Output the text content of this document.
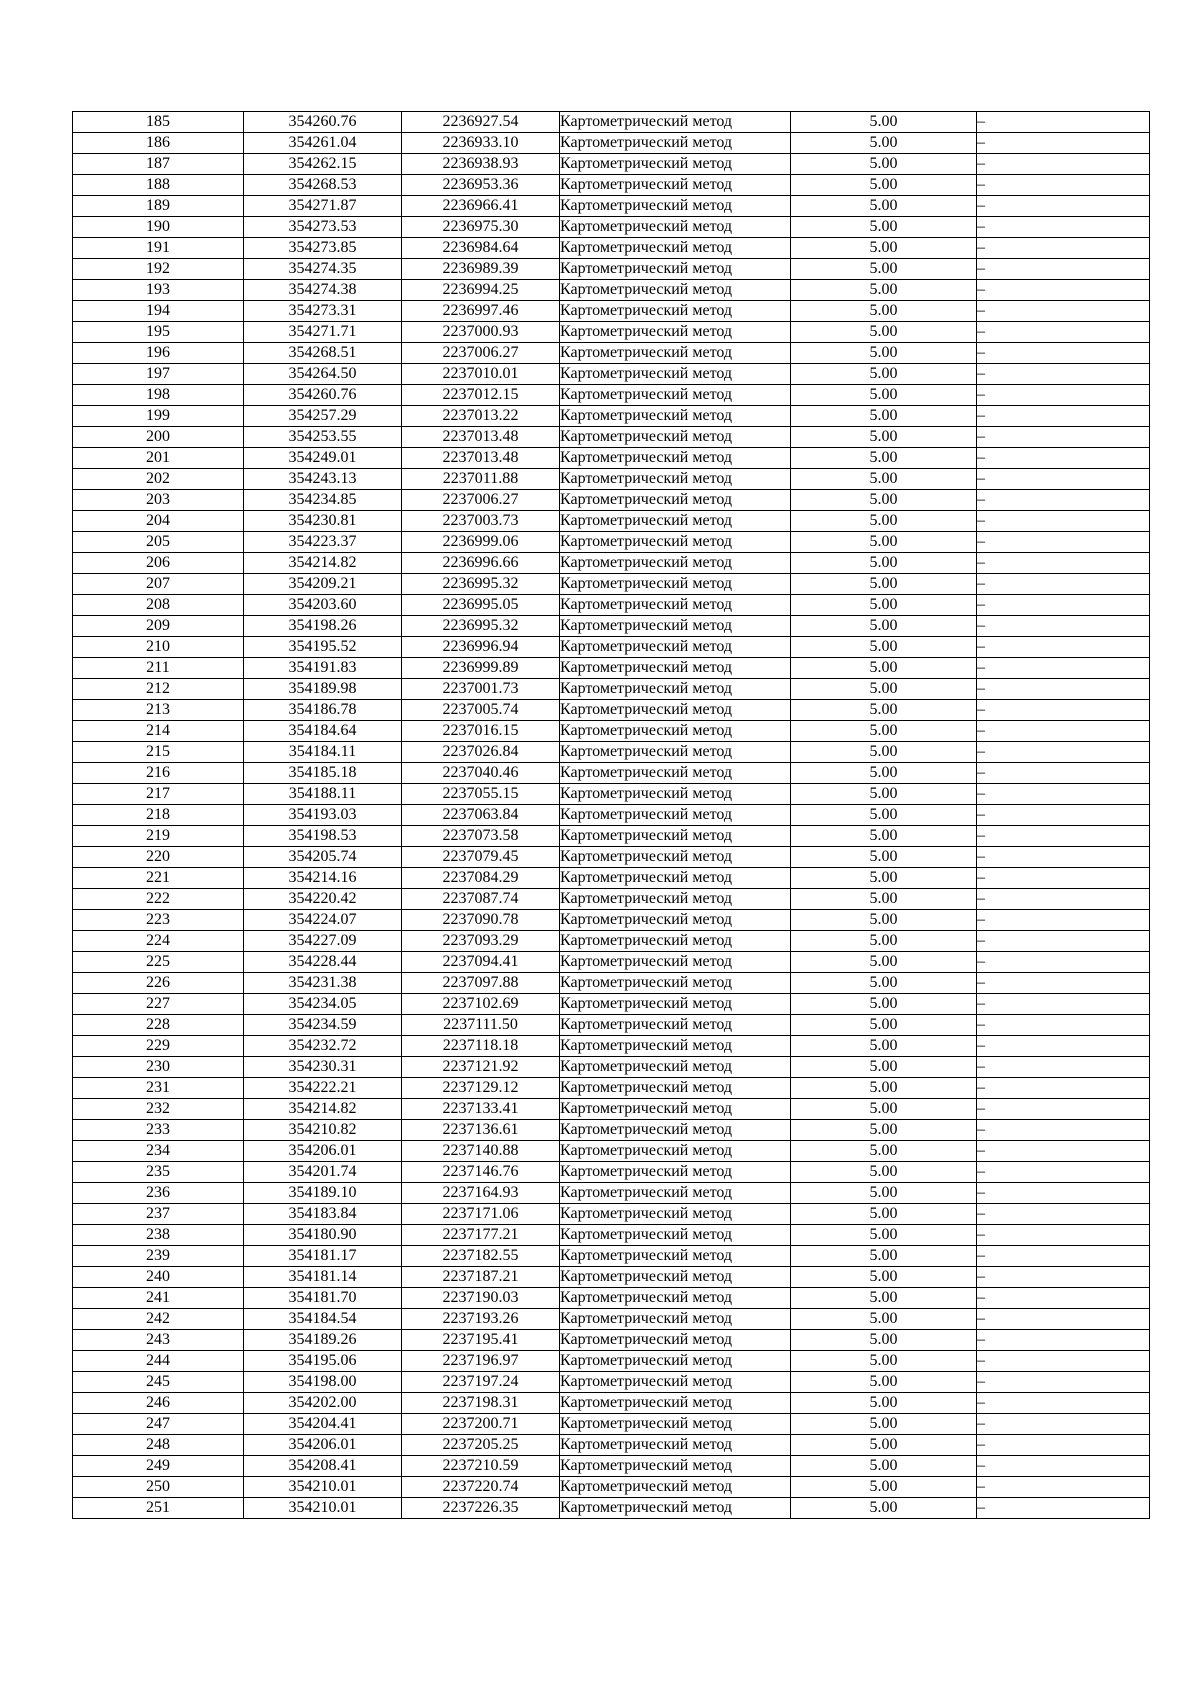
185	354260.76	2236927.54	Картометрический метод	5.00	–
186	354261.04	2236933.10	Картометрический метод	5.00	–
187	354262.15	2236938.93	Картометрический метод	5.00	–
188	354268.53	2236953.36	Картометрический метод	5.00	–
189	354271.87	2236966.41	Картометрический метод	5.00	–
190	354273.53	2236975.30	Картометрический метод	5.00	–
191	354273.85	2236984.64	Картометрический метод	5.00	–
192	354274.35	2236989.39	Картометрический метод	5.00	–
193	354274.38	2236994.25	Картометрический метод	5.00	–
194	354273.31	2236997.46	Картометрический метод	5.00	–
195	354271.71	2237000.93	Картометрический метод	5.00	–
196	354268.51	2237006.27	Картометрический метод	5.00	–
197	354264.50	2237010.01	Картометрический метод	5.00	–
198	354260.76	2237012.15	Картометрический метод	5.00	–
199	354257.29	2237013.22	Картометрический метод	5.00	–
200	354253.55	2237013.48	Картометрический метод	5.00	–
201	354249.01	2237013.48	Картометрический метод	5.00	–
202	354243.13	2237011.88	Картометрический метод	5.00	–
203	354234.85	2237006.27	Картометрический метод	5.00	–
204	354230.81	2237003.73	Картометрический метод	5.00	–
205	354223.37	2236999.06	Картометрический метод	5.00	–
206	354214.82	2236996.66	Картометрический метод	5.00	–
207	354209.21	2236995.32	Картометрический метод	5.00	–
208	354203.60	2236995.05	Картометрический метод	5.00	–
209	354198.26	2236995.32	Картометрический метод	5.00	–
210	354195.52	2236996.94	Картометрический метод	5.00	–
211	354191.83	2236999.89	Картометрический метод	5.00	–
212	354189.98	2237001.73	Картометрический метод	5.00	–
213	354186.78	2237005.74	Картометрический метод	5.00	–
214	354184.64	2237016.15	Картометрический метод	5.00	–
215	354184.11	2237026.84	Картометрический метод	5.00	–
216	354185.18	2237040.46	Картометрический метод	5.00	–
217	354188.11	2237055.15	Картометрический метод	5.00	–
218	354193.03	2237063.84	Картометрический метод	5.00	–
219	354198.53	2237073.58	Картометрический метод	5.00	–
220	354205.74	2237079.45	Картометрический метод	5.00	–
221	354214.16	2237084.29	Картометрический метод	5.00	–
222	354220.42	2237087.74	Картометрический метод	5.00	–
223	354224.07	2237090.78	Картометрический метод	5.00	–
224	354227.09	2237093.29	Картометрический метод	5.00	–
225	354228.44	2237094.41	Картометрический метод	5.00	–
226	354231.38	2237097.88	Картометрический метод	5.00	–
227	354234.05	2237102.69	Картометрический метод	5.00	–
228	354234.59	2237111.50	Картометрический метод	5.00	–
229	354232.72	2237118.18	Картометрический метод	5.00	–
230	354230.31	2237121.92	Картометрический метод	5.00	–
231	354222.21	2237129.12	Картометрический метод	5.00	–
232	354214.82	2237133.41	Картометрический метод	5.00	–
233	354210.82	2237136.61	Картометрический метод	5.00	–
234	354206.01	2237140.88	Картометрический метод	5.00	–
235	354201.74	2237146.76	Картометрический метод	5.00	–
236	354189.10	2237164.93	Картометрический метод	5.00	–
237	354183.84	2237171.06	Картометрический метод	5.00	–
238	354180.90	2237177.21	Картометрический метод	5.00	–
239	354181.17	2237182.55	Картометрический метод	5.00	–
240	354181.14	2237187.21	Картометрический метод	5.00	–
241	354181.70	2237190.03	Картометрический метод	5.00	–
242	354184.54	2237193.26	Картометрический метод	5.00	–
243	354189.26	2237195.41	Картометрический метод	5.00	–
244	354195.06	2237196.97	Картометрический метод	5.00	–
245	354198.00	2237197.24	Картометрический метод	5.00	–
246	354202.00	2237198.31	Картометрический метод	5.00	–
247	354204.41	2237200.71	Картометрический метод	5.00	–
248	354206.01	2237205.25	Картометрический метод	5.00	–
249	354208.41	2237210.59	Картометрический метод	5.00	–
250	354210.01	2237220.74	Картометрический метод	5.00	–
251	354210.01	2237226.35	Картометрический метод	5.00	–
